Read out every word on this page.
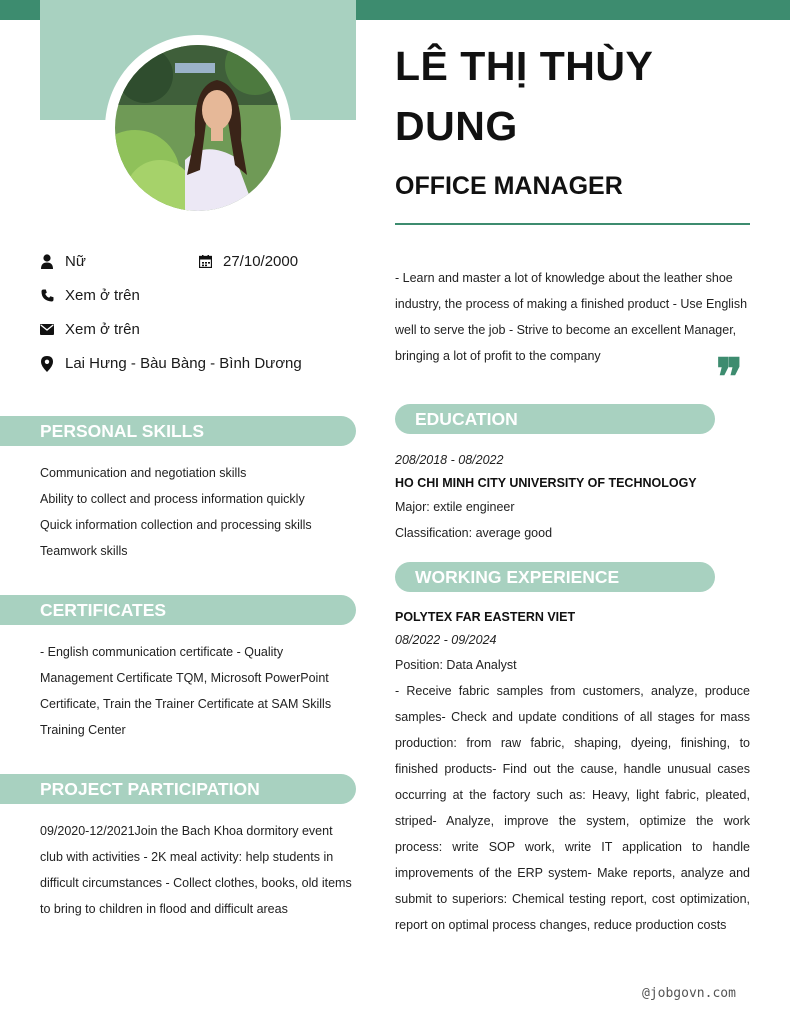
LÊ THỊ THÙY DUNG
OFFICE MANAGER
Nữ	27/10/2000
Xem ở trên
Xem ở trên
Lai Hưng - Bàu Bàng - Bình Dương
- Learn and master a lot of knowledge about the leather shoe industry, the process of making a finished product - Use English well to serve the job - Strive to become an excellent Manager, bringing a lot of profit to the company	❞
PERSONAL SKILLS
Communication and negotiation skills
Ability to collect and process information quickly
Quick information collection and processing skills
Teamwork skills
CERTIFICATES
- English communication certificate - Quality Management Certificate TQM, Microsoft PowerPoint Certificate, Train the Trainer Certificate at SAM Skills Training Center
PROJECT PARTICIPATION
09/2020-12/2021Join the Bach Khoa dormitory event club with activities - 2K meal activity: help students in difficult circumstances - Collect clothes, books, old items to bring to children in flood and difficult areas
EDUCATION
208/2018 - 08/2022
HO CHI MINH CITY UNIVERSITY OF TECHNOLOGY
Major: extile engineer
Classification: average good
WORKING EXPERIENCE
POLYTEX FAR EASTERN VIET
08/2022 - 09/2024
Position: Data Analyst
- Receive fabric samples from customers, analyze, produce samples- Check and update conditions of all stages for mass production: from raw fabric, shaping, dyeing, finishing, to finished products- Find out the cause, handle unusual cases occurring at the factory such as: Heavy, light fabric, pleated, striped- Analyze, improve the system, optimize the work process: write SOP work, write IT application to handle improvements of the ERP system- Make reports, analyze and submit to superiors: Chemical testing report, cost optimization, report on optimal process changes, reduce production costs
@jobgovn.com
